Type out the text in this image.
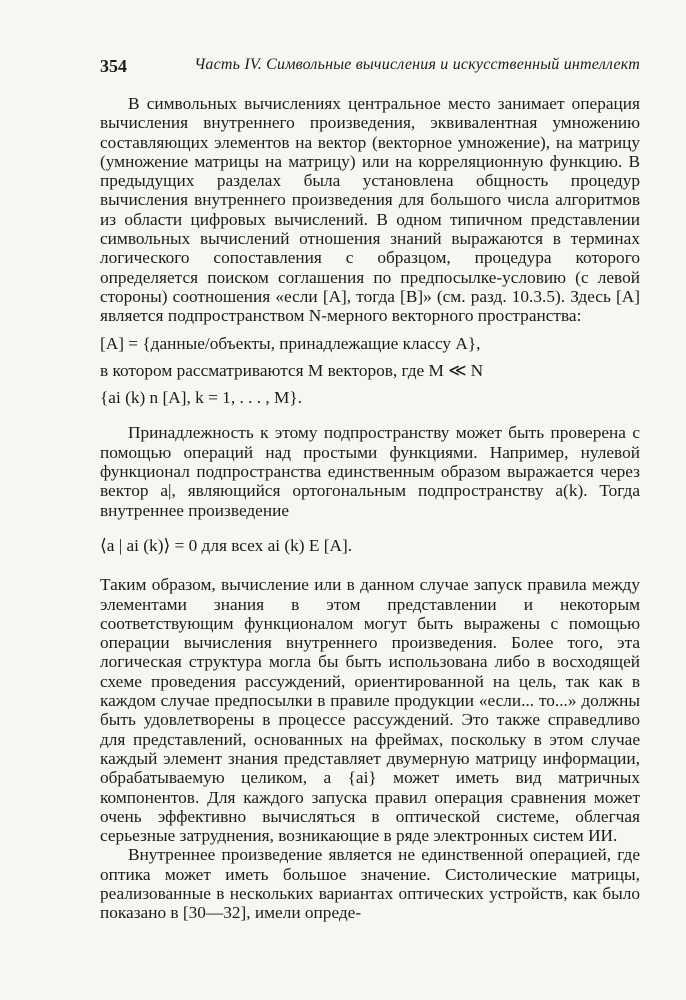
354	Часть IV. Символьные вычисления и искусственный интеллект

В символьных вычислениях центральное место занимает операция вычисления внутреннего произведения, эквивалентная умножению составляющих элементов на вектор (векторное умножение), на матрицу (умножение матрицы на матрицу) или на корреляционную функцию. В предыдущих разделах была установлена общность процедур вычисления внутреннего произведения для большого числа алгоритмов из области цифровых вычислений. В одном типичном представлении символьных вычислений отношения знаний выражаются в терминах логического сопоставления с образцом, процедура которого определяется поиском соглашения по предпосылке-условию (с левой стороны) соотношения «если [A], тогда [B]» (см. разд. 10.3.5). Здесь [A] является подпространством N-мерного векторного пространства:

[A] = {данные/объекты, принадлежащие классу A},
в котором рассматриваются M векторов, где M ≪ N
{ai (k) n [A], k = 1, . . . , M}.

Принадлежность к этому подпространству может быть проверена с помощью операций над простыми функциями. Например, нулевой функционал подпространства единственным образом выражается через вектор a|, являющийся ортогональным подпространству a(k). Тогда внутреннее произведение

⟨a | ai (k)⟩ = 0 для всех ai (k) E [A].

Таким образом, вычисление или в данном случае запуск правила между элементами знания в этом представлении и некоторым соответствующим функционалом могут быть выражены с помощью операции вычисления внутреннего произведения. Более того, эта логическая структура могла бы быть использована либо в восходящей схеме проведения рассуждений, ориентированной на цель, так как в каждом случае предпосылки в правиле продукции «если... то...» должны быть удовлетворены в процессе рассуждений. Это также справедливо для представлений, основанных на фреймах, поскольку в этом случае каждый элемент знания представляет двумерную матрицу информации, обрабатываемую целиком, а {ai} может иметь вид матричных компонентов. Для каждого запуска правил операция сравнения может очень эффективно вычисляться в оптической системе, облегчая серьезные затруднения, возникающие в ряде электронных систем ИИ.

Внутреннее произведение является не единственной операцией, где оптика может иметь большое значение. Систолические матрицы, реализованные в нескольких вариантах оптических устройств, как было показано в [30—32], имели опреде-
